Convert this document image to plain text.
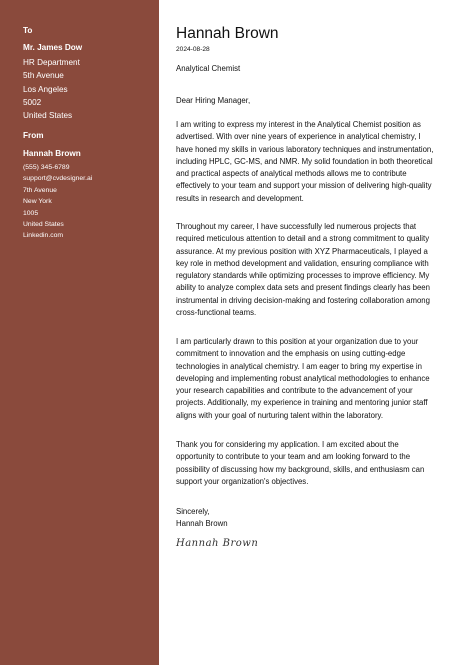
To
Mr. James Dow
HR Department
5th Avenue
Los Angeles
5002
United States
From
Hannah Brown
(555) 345-6789
support@cvdesigner.ai
7th Avenue
New York
1005
United States
Linkedin.com
Hannah Brown
2024-08-28
Analytical Chemist
Dear Hiring Manager,

I am writing to express my interest in the Analytical Chemist position as
advertised. With over nine years of experience in analytical chemistry, I
have honed my skills in various laboratory techniques and instrumentation,
including HPLC, GC-MS, and NMR. My solid foundation in both theoretical
and practical aspects of analytical methods allows me to contribute
effectively to your team and support your mission of delivering high-quality
results in research and development.

Throughout my career, I have successfully led numerous projects that
required meticulous attention to detail and a strong commitment to quality
assurance. At my previous position with XYZ Pharmaceuticals, I played a
key role in method development and validation, ensuring compliance with
regulatory standards while optimizing processes to improve efficiency. My
ability to analyze complex data sets and present findings clearly has been
instrumental in driving decision-making and fostering collaboration among
cross-functional teams.

I am particularly drawn to this position at your organization due to your
commitment to innovation and the emphasis on using cutting-edge
technologies in analytical chemistry. I am eager to bring my expertise in
developing and implementing robust analytical methodologies to enhance
your research capabilities and contribute to the advancement of your
projects. Additionally, my experience in training and mentoring junior staff
aligns with your goal of nurturing talent within the laboratory.

Thank you for considering my application. I am excited about the
opportunity to contribute to your team and am looking forward to the
possibility of discussing how my background, skills, and enthusiasm can
support your organization's objectives.

Sincerely,
Hannah Brown
Hannah Brown
